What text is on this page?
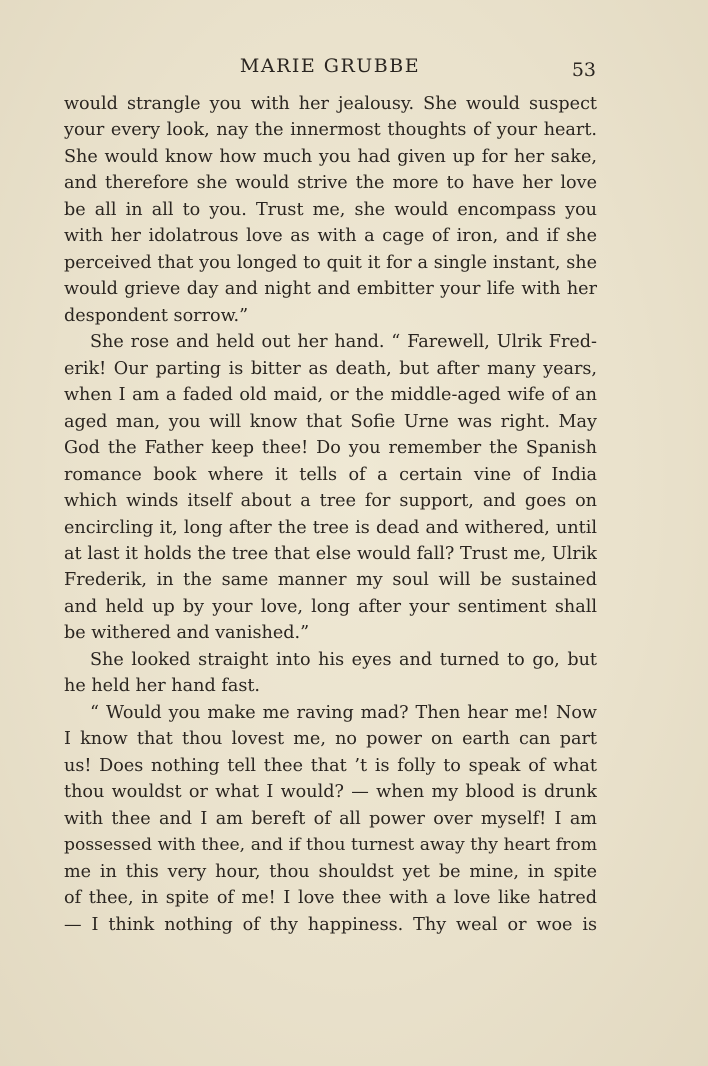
MARIE GRUBBE	53
would strangle you with her jealousy. She would suspect
your every look, nay the innermost thoughts of your heart.
She would know how much you had given up for her sake,
and therefore she would strive the more to have her love
be all in all to you. Trust me, she would encompass you
with her idolatrous love as with a cage of iron, and if she
perceived that you longed to quit it for a single instant, she
would grieve day and night and embitter your life with her
despondent sorrow.”
She rose and held out her hand. “ Farewell, Ulrik Fred-
erik! Our parting is bitter as death, but after many years,
when I am a faded old maid, or the middle-aged wife of an
aged man, you will know that Sofie Urne was right. May
God the Father keep thee! Do you remember the Spanish
romance book where it tells of a certain vine of India
which winds itself about a tree for support, and goes on
encircling it, long after the tree is dead and withered, until
at last it holds the tree that else would fall? Trust me, Ulrik
Frederik, in the same manner my soul will be sustained
and held up by your love, long after your sentiment shall
be withered and vanished.”
She looked straight into his eyes and turned to go, but
he held her hand fast.
“ Would you make me raving mad? Then hear me! Now
I know that thou lovest me, no power on earth can part
us! Does nothing tell thee that ’t is folly to speak of what
thou wouldst or what I would? — when my blood is drunk
with thee and I am bereft of all power over myself! I am
possessed with thee, and if thou turnest away thy heart from
me in this very hour, thou shouldst yet be mine, in spite
of thee, in spite of me! I love thee with a love like hatred
— I think nothing of thy happiness. Thy weal or woe is
